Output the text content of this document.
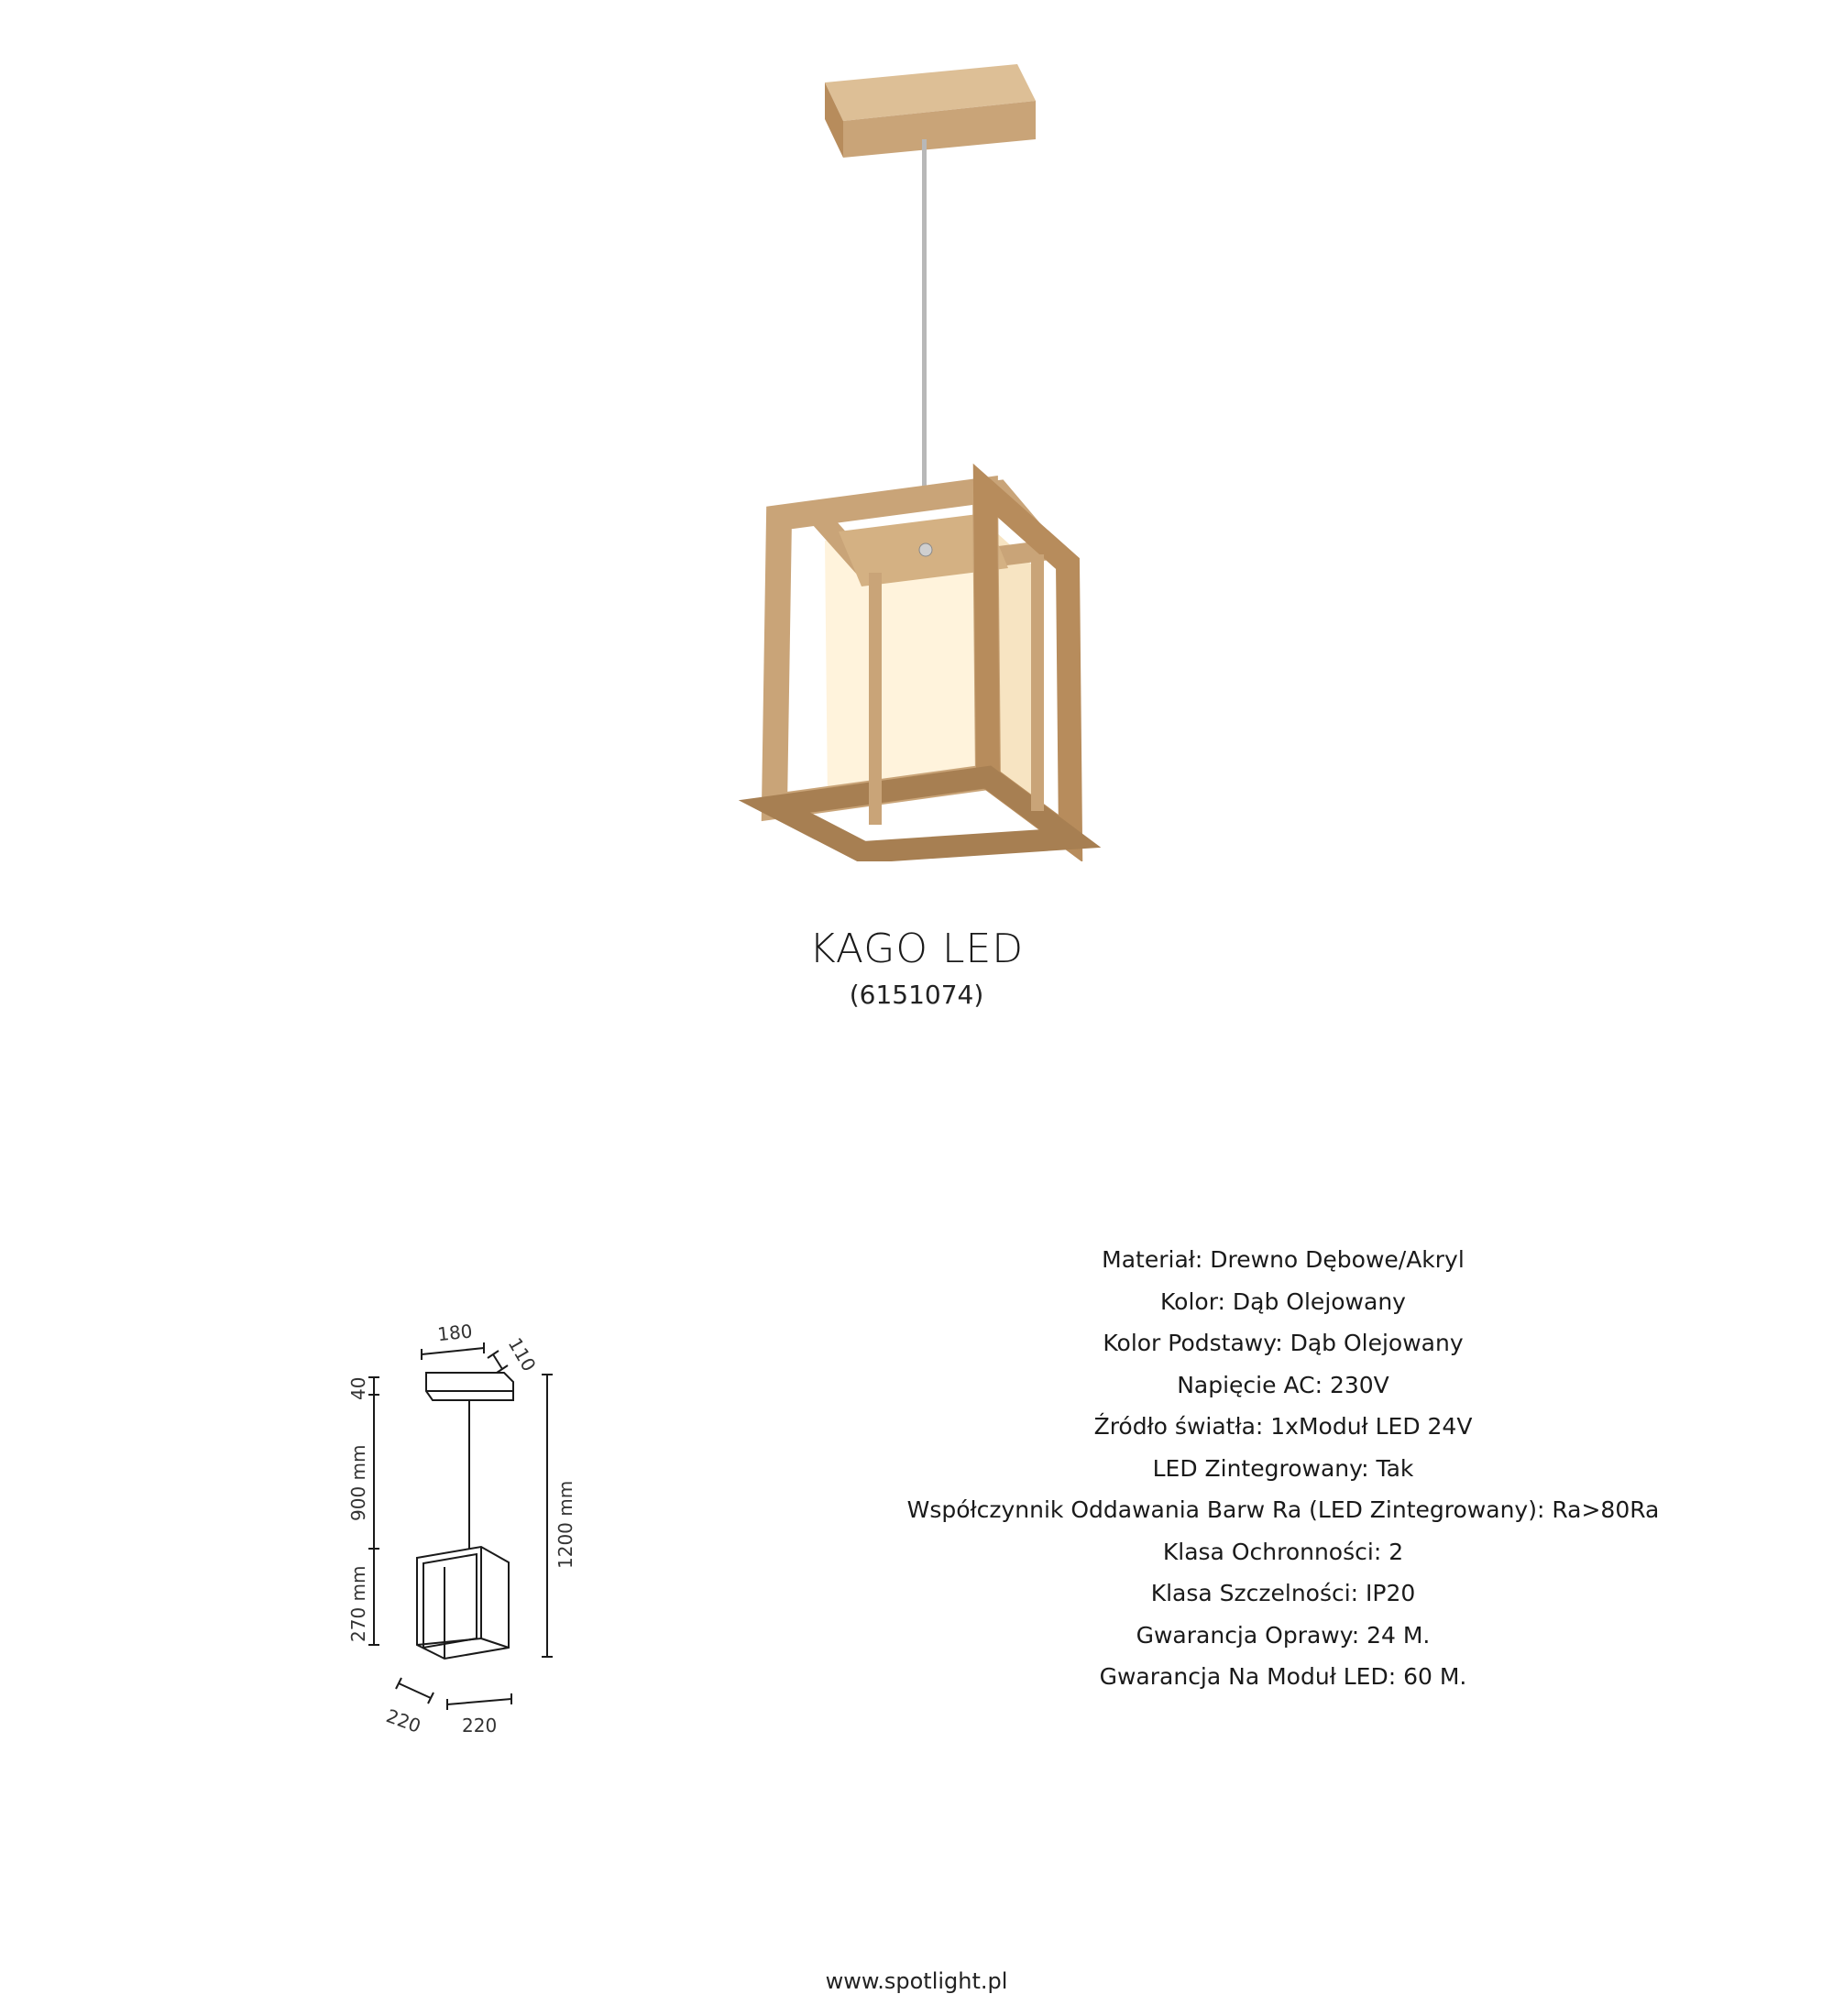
KAGO LED
(6151074)
180
110
40
900 mm
270 mm
1200 mm
220 220
Materiał: Drewno Dębowe/Akryl
Kolor: Dąb Olejowany
Kolor Podstawy: Dąb Olejowany
Napięcie AC: 230V
Źródło światła: 1xModuł LED 24V
LED Zintegrowany: Tak
Współczynnik Oddawania Barw Ra (LED Zintegrowany): Ra>80Ra
Klasa Ochronności: 2
Klasa Szczelności: IP20
Gwarancja Oprawy: 24 M.
Gwarancja Na Moduł LED: 60 M.
www.spotlight.pl
